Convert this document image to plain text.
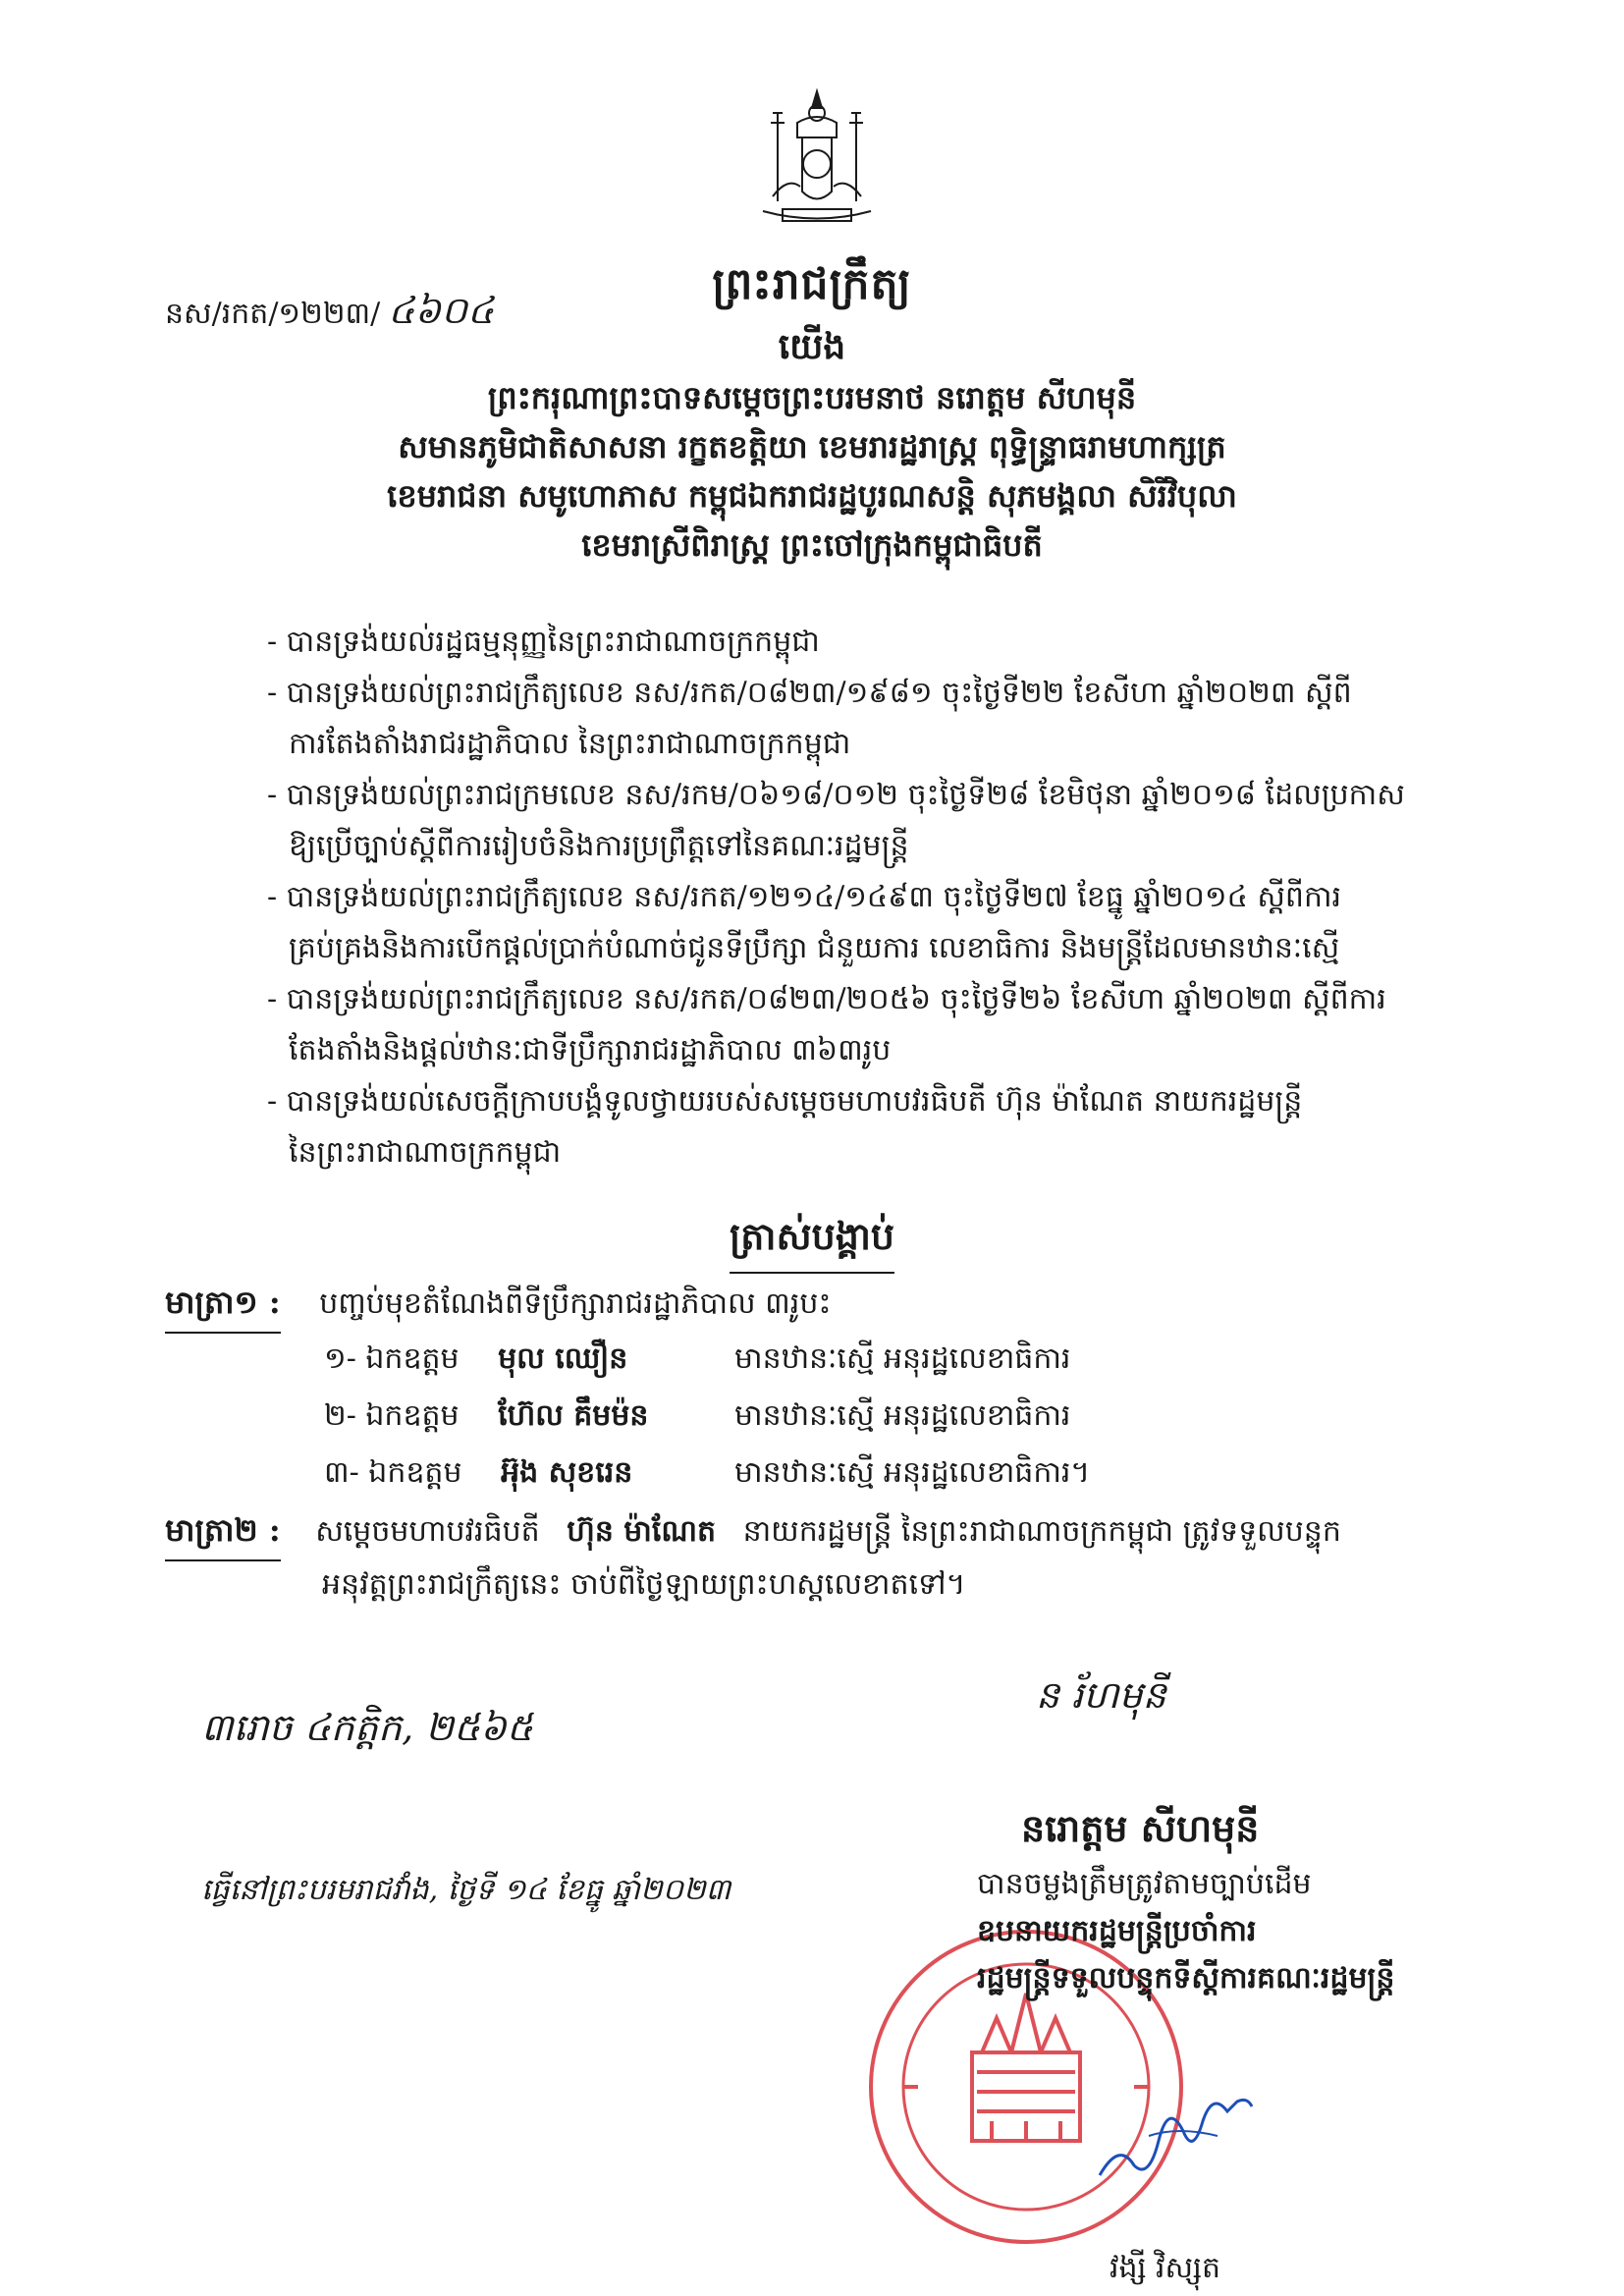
នស/រកត/១២២៣/ ៤៦០៤
ព្រះរាជក្រឹត្យ
យើង
ព្រះករុណាព្រះបាទសម្តេចព្រះបរមនាថ នរោត្តម សីហមុនី
សមានភូមិជាតិសាសនា រក្ខតខត្តិយា ខេមរារដ្ឋរាស្ត្រ ពុទ្ធិន្ទ្រាធរាមហាក្សត្រ
ខេមរាជនា សមូហោភាស កម្ពុជឯករាជរដ្ឋបូរណសន្តិ សុភមង្គលា សិរីវិបុលា
ខេមរាស្រីពិរាស្ត្រ ព្រះចៅក្រុងកម្ពុជាធិបតី
- បានទ្រង់យល់រដ្ឋធម្មនុញ្ញនៃព្រះរាជាណាចក្រកម្ពុជា
- បានទ្រង់យល់ព្រះរាជក្រឹត្យលេខ នស/រកត/០៨២៣/១៩៨១ ចុះថ្ងៃទី២២ ខែសីហា ឆ្នាំ២០២៣ ស្តីពី
ការតែងតាំងរាជរដ្ឋាភិបាល នៃព្រះរាជាណាចក្រកម្ពុជា
- បានទ្រង់យល់ព្រះរាជក្រមលេខ នស/រកម/០៦១៨/០១២ ចុះថ្ងៃទី២៨ ខែមិថុនា ឆ្នាំ២០១៨ ដែលប្រកាស
ឱ្យប្រើច្បាប់ស្តីពីការរៀបចំនិងការប្រព្រឹត្តទៅនៃគណៈរដ្ឋមន្ត្រី
- បានទ្រង់យល់ព្រះរាជក្រឹត្យលេខ នស/រកត/១២១៤/១៤៩៣ ចុះថ្ងៃទី២៧ ខែធ្នូ ឆ្នាំ២០១៤ ស្តីពីការ
គ្រប់គ្រងនិងការបើកផ្តល់ប្រាក់បំណាច់ជូនទីប្រឹក្សា ជំនួយការ លេខាធិការ និងមន្ត្រីដែលមានឋានៈស្មើ
- បានទ្រង់យល់ព្រះរាជក្រឹត្យលេខ នស/រកត/០៨២៣/២០៥៦ ចុះថ្ងៃទី២៦ ខែសីហា ឆ្នាំ២០២៣ ស្តីពីការ
តែងតាំងនិងផ្តល់ឋានៈជាទីប្រឹក្សារាជរដ្ឋាភិបាល ៣៦៣រូប
- បានទ្រង់យល់សេចក្តីក្រាបបង្គំទូលថ្វាយរបស់សម្តេចមហាបវរធិបតី ហ៊ុន ម៉ាណែត នាយករដ្ឋមន្ត្រី
នៃព្រះរាជាណាចក្រកម្ពុជា
ត្រាស់បង្គាប់
មាត្រា១ : បញ្ចប់មុខតំណែងពីទីប្រឹក្សារាជរដ្ឋាភិបាល ៣រូបះ
១- ឯកឧត្តម មុល ឈឿន	មានឋានៈស្មើ អនុរដ្ឋលេខាធិការ
២- ឯកឧត្តម ហ៊ែល គឹមម៉ន	មានឋានៈស្មើ អនុរដ្ឋលេខាធិការ
៣- ឯកឧត្តម អ៊ុង សុខរេន	មានឋានៈស្មើ អនុរដ្ឋលេខាធិការ។
មាត្រា២ : សម្តេចមហាបវរធិបតី ហ៊ុន ម៉ាណែត នាយករដ្ឋមន្ត្រី នៃព្រះរាជាណាចក្រកម្ពុជា ត្រូវទទួលបន្ទុក
អនុវត្តព្រះរាជក្រឹត្យនេះ ចាប់ពីថ្ងៃឡាយព្រះហស្តលេខាតទៅ។
៣រោច ៤កត្តិក, ២៥៦៥
ន រ័ហមុនី
នរោត្តម សីហមុនី
ធ្វើនៅព្រះបរមរាជវាំង, ថ្ងៃទី ១៤ ខែធ្នូ ឆ្នាំ២០២៣	បានចម្លងត្រឹមត្រូវតាមច្បាប់ដើម
ឧបនាយករដ្ឋមន្ត្រីប្រចាំការ
រដ្ឋមន្ត្រីទទួលបន្ទុកទីស្តីការគណៈរដ្ឋមន្ត្រី
វង្សី វិស្សុត
